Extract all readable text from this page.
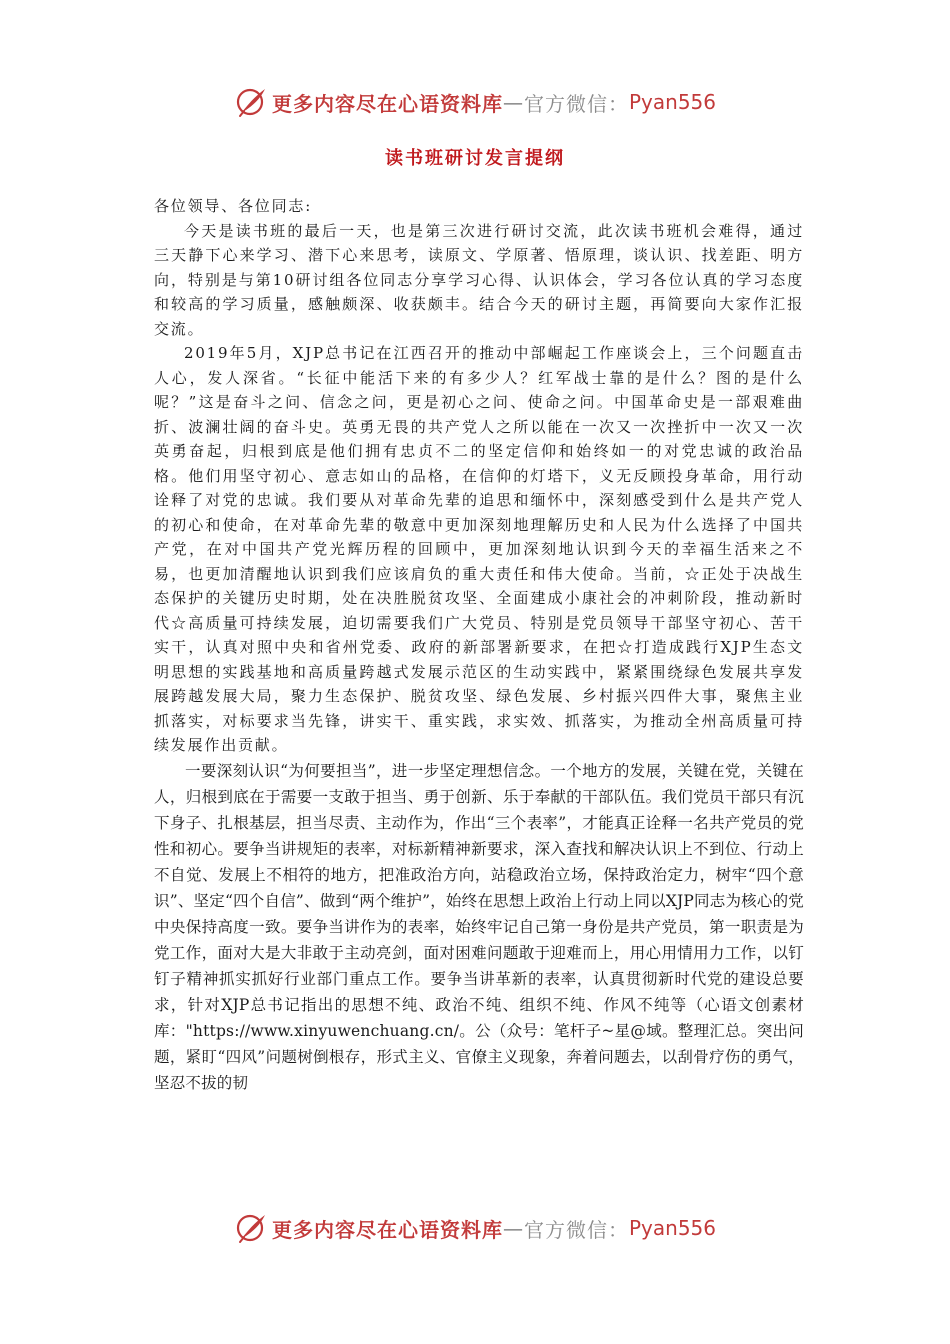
更多内容尽在心语资料库 — 官方微信： Pyan556
读书班研讨发言提纲

各位领导、各位同志:

今天是读书班的最后一天，也是第三次进行研讨交流，此次读书班机会难得，通过三天静下心来学习、潜下心来思考，读原文、学原著、悟原理，谈认识、找差距、明方向，特别是与第10研讨组各位同志分享学习心得、认识体会，学习各位认真的学习态度和较高的学习质量，感触颇深、收获颇丰。结合今天的研讨主题，再简要向大家作汇报交流。

2019年5月，XJP总书记在江西召开的推动中部崛起工作座谈会上，三个问题直击人心，发人深省。“长征中能活下来的有多少人？红军战士靠的是什么？图的是什么呢？”这是奋斗之问、信念之问，更是初心之问、使命之问。中国革命史是一部艰难曲折、波澜壮阔的奋斗史。英勇无畏的共产党人之所以能在一次又一次挫折中一次又一次英勇奋起，归根到底是他们拥有忠贞不二的坚定信仰和始终如一的对党忠诚的政治品格。他们用坚守初心、意志如山的品格，在信仰的灯塔下，义无反顾投身革命，用行动诠释了对党的忠诚。我们要从对革命先辈的追思和缅怀中，深刻感受到什么是共产党人的初心和使命，在对革命先辈的敬意中更加深刻地理解历史和人民为什么选择了中国共产党，在对中国共产党光辉历程的回顾中，更加深刻地认识到今天的幸福生活来之不易，也更加清醒地认识到我们应该肩负的重大责任和伟大使命。当前，☆正处于决战生态保护的关键历史时期，处在决胜脱贫攻坚、全面建成小康社会的冲刺阶段，推动新时代☆高质量可持续发展，迫切需要我们广大党员、特别是党员领导干部坚守初心、苦干实干，认真对照中央和省州党委、政府的新部署新要求，在把☆打造成践行XJP生态文明思想的实践基地和高质量跨越式发展示范区的生动实践中，紧紧围绕绿色发展共享发展跨越发展大局，聚力生态保护、脱贫攻坚、绿色发展、乡村振兴四件大事，聚焦主业抓落实，对标要求当先锋，讲实干、重实践，求实效、抓落实，为推动全州高质量可持续发展作出贡献。

一要深刻认识“为何要担当”，进一步坚定理想信念。一个地方的发展，关键在党，关键在人，归根到底在于需要一支敢于担当、勇于创新、乐于奉献的干部队伍。我们党员干部只有沉下身子、扎根基层，担当尽责、主动作为，作出“三个表率”，才能真正诠释一名共产党员的党性和初心。要争当讲规矩的表率，对标新精神新要求，深入查找和解决认识上不到位、行动上不自觉、发展上不相符的地方，把准政治方向，站稳政治立场，保持政治定力，树牢“四个意识”、坚定“四个自信”、做到“两个维护”，始终在思想上政治上行动上同以XJP同志为核心的党中央保持高度一致。要争当讲作为的表率，始终牢记自己第一身份是共产党员，第一职责是为党工作，面对大是大非敢于主动亮剑，面对困难问题敢于迎难而上，用心用情用力工作，以钉钉子精神抓实抓好行业部门重点工作。要争当讲革新的表率，认真贯彻新时代党的建设总要求，针对XJP总书记指出的思想不纯、政治不纯、组织不纯、作风不纯等（心语文创素材库："https://www.xinyuwenchuang.cn/。公（众号：笔杆子~星@域。整理汇总。突出问题，紧盯“四风”问题树倒根存，形式主义、官僚主义现象，奔着问题去，以刮骨疗伤的勇气，坚忍不拔的韧

更多内容尽在心语资料库 — 官方微信： Pyan556
